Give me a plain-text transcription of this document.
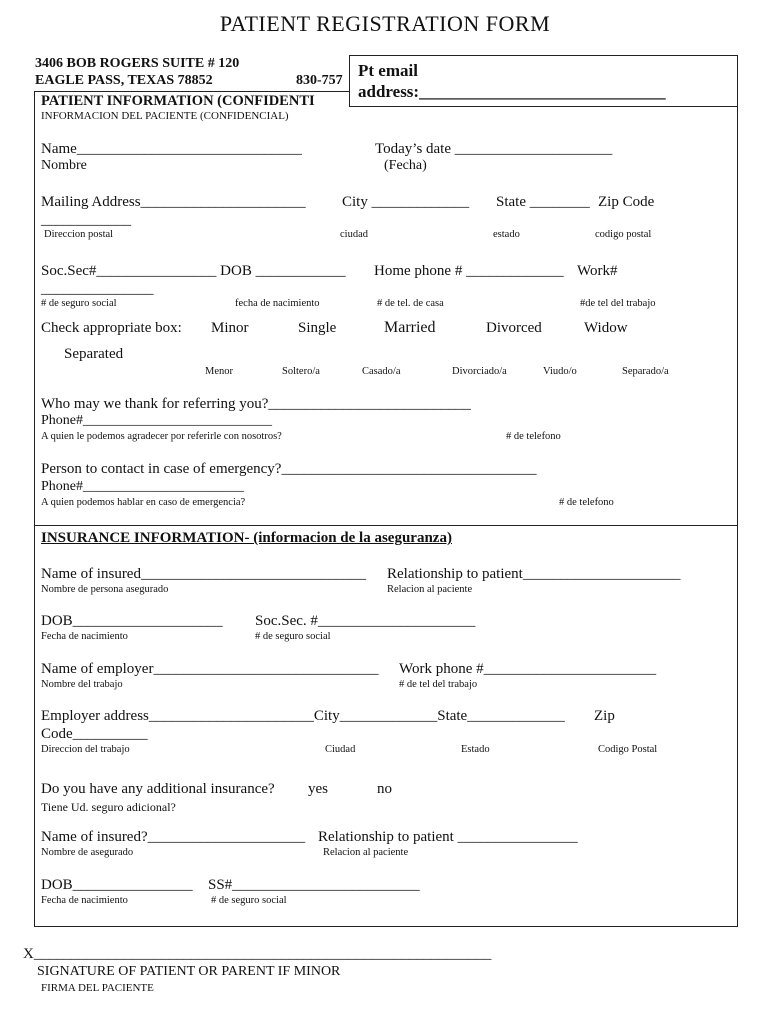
PATIENT REGISTRATION FORM
3406 BOB ROGERS SUITE # 120
EAGLE PASS, TEXAS 78852	830-757
Pt email
address:_____________________________
PATIENT INFORMATION (CONFIDENTI
INFORMACION DEL PACIENTE (CONFIDENCIAL)
Name______________________________
Nombre
Today’s date _____________________
(Fecha)
Mailing Address______________________ City _____________ State ________ Zip Code
____________
Direccion postal	ciudad	estado	codigo postal
Soc.Sec#________________ DOB ____________ Home phone # _____________ Work#
_______________
# de seguro social	fecha de nacimiento	# de tel. de casa	#de tel del trabajo
Check appropriate box: Minor	Single	Married	Divorced	Widow
Separated
Menor	Soltero/a	Casado/a	Divorciado/a	Viudo/o	Separado/a
Who may we thank for referring you?___________________________
Phone#___________________________
A quien le podemos agradecer por referirle con nosotros?	# de telefono
Person to contact in case of emergency?__________________________________
Phone#_______________________
A quien podemos hablar en caso de emergencia?	# de telefono
INSURANCE INFORMATION- (informacion de la aseguranza)
Name of insured______________________________ Relationship to patient_____________________
Nombre de persona asegurado	Relacion al paciente
DOB____________________ Soc.Sec. #_____________________
Fecha de nacimiento	# de seguro social
Name of employer______________________________ Work phone #_______________________
Nombre del trabajo	# de tel del trabajo
Employer address______________________City_____________State_____________ Zip
Code__________
Direccion del trabajo	Ciudad	Estado	Codigo Postal
Do you have any additional insurance? yes	no
Tiene Ud. seguro adicional?
Name of insured?_____________________ Relationship to patient ________________
Nombre de asegurado	Relacion al paciente
DOB________________ SS#_________________________
Fecha de nacimiento	# de seguro social
X_____________________________________________________________
SIGNATURE OF PATIENT OR PARENT IF MINOR
FIRMA DEL PACIENTE
